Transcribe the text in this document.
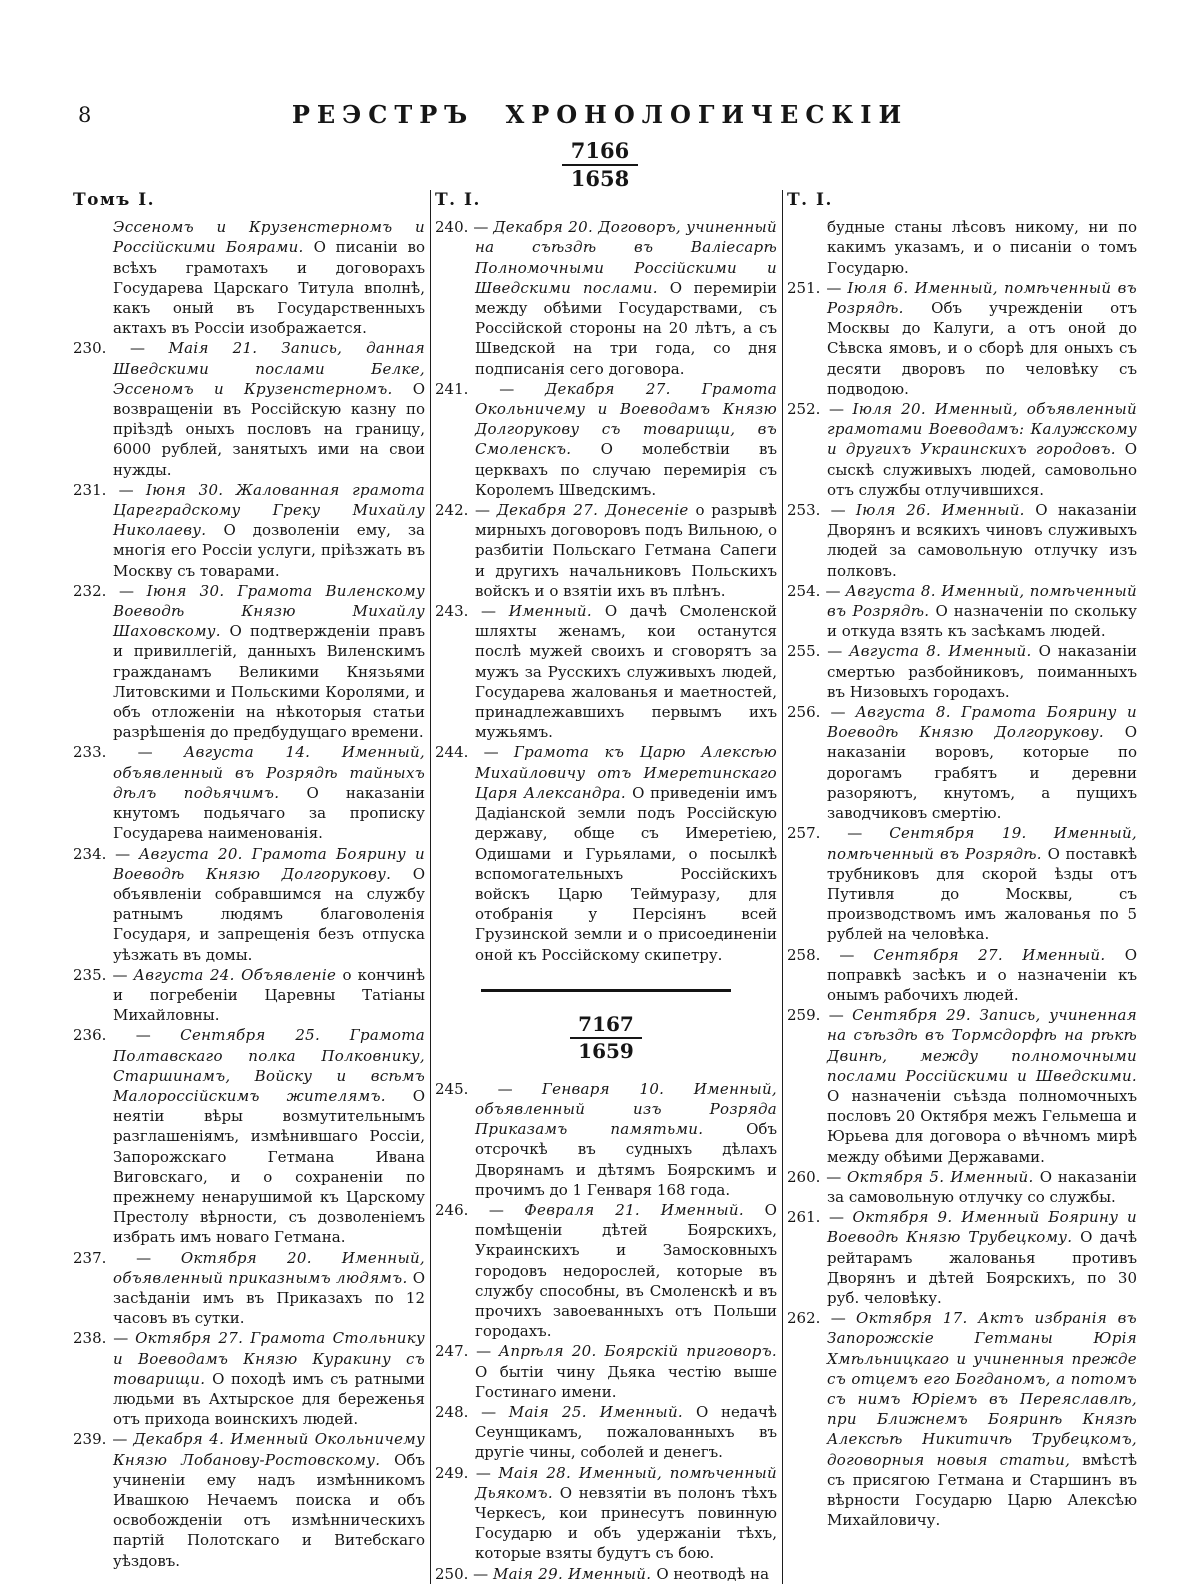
8	РЕЭСТРЪ ХРОНОЛОГИЧЕСКІИ
$\frac{7166}{1658}$

Томъ I.

Эссеномъ и Крузенстерномъ и Россійскими Боярами. О писаніи во всѣхъ грамотахъ и договорахъ Государева Царскаго Титула вполнѣ, какъ оный въ Государственныхъ актахъ въ Россіи изображается.

230. — Маія 21. Запись, данная Шведскими послами Белке, Эссеномъ и Крузенстерномъ. О возвращеніи въ Россійскую казну по пріѣздѣ оныхъ пословъ на границу, 6000 рублей, занятыхъ ими на свои нужды.

231. — Іюня 30. Жалованная грамота Цареградскому Греку Михайлу Николаеву. О дозволеніи ему, за многія его Россіи услуги, пріѣзжать въ Москву съ товарами.

232. — Іюня 30. Грамота Виленскому Воеводѣ Князю Михайлу Шаховскому. О подтвержденіи правъ и привиллегій, данныхъ Виленскимъ гражданамъ Великими Князьями Литовскими и Польскими Королями, и объ отложеніи на нѣкоторыя статьи разрѣшенія до предбудущаго времени.

233. — Августа 14. Именный, объявленный въ Розрядѣ тайныхъ дѣлъ подьячимъ. О наказаніи кнутомъ подьячаго за прописку Государева наименованія.

234. — Августа 20. Грамота Боярину и Воеводѣ Князю Долгорукову. О объявленіи собравшимся на службу ратнымъ людямъ благоволенія Государя, и запрещенія безъ отпуска уѣзжать въ домы.

235. — Августа 24. Объявленіе о кончинѣ и погребеніи Царевны Татіаны Михайловны.

236. — Сентября 25. Грамота Полтавскаго полка Полковнику, Старшинамъ, Войску и всѣмъ Малороссійскимъ жителямъ. О неятіи вѣры возмутительнымъ разглашеніямъ, измѣнившаго Россіи, Запорожскаго Гетмана Ивана Виговскаго, и о сохраненіи по прежнему ненарушимой къ Царскому Престолу вѣрности, съ дозволеніемъ избрать имъ новаго Гетмана.

237. — Октября 20. Именный, объявленный приказнымъ людямъ. О засѣданіи имъ въ Приказахъ по 12 часовъ въ сутки.

238. — Октября 27. Грамота Стольнику и Воеводамъ Князю Куракину съ товарищи. О походѣ имъ съ ратными людьми въ Ахтырское для береженья отъ прихода воинскихъ людей.

239. — Декабря 4. Именный Окольничему Князю Лобанову-Ростовскому. Объ учиненіи ему надъ измѣнникомъ Ивашкою Нечаемъ поиска и объ освобожденіи отъ измѣнническихъ партій Полотскаго и Витебскаго уѣздовъ.

Т. І.

240. — Декабря 20. Договоръ, учиненный на съѣздѣ въ Валіесарѣ Полномочными Россійскими и Шведскими послами. О перемиріи между обѣими Государствами, съ Россійской стороны на 20 лѣтъ, а съ Шведской на три года, со дня подписанія сего договора.

241. — Декабря 27. Грамота Окольничему и Воеводамъ Князю Долгорукову съ товарищи, въ Смоленскъ. О молебствіи въ церквахъ по случаю перемирія съ Королемъ Шведскимъ.

242. — Декабря 27. Донесеніе о разрывѣ мирныхъ договоровъ подъ Вильною, о разбитіи Польскаго Гетмана Сапеги и другихъ начальниковъ Польскихъ войскъ и о взятіи ихъ въ плѣнъ.

243. — Именный. О дачѣ Смоленской шляхты женамъ, кои останутся послѣ мужей своихъ и сговорятъ за мужъ за Русскихъ служивыхъ людей, Государева жалованья и маетностей, принадлежавшихъ первымъ ихъ мужьямъ.

244. — Грамота къ Царю Алексѣю Михайловичу отъ Имеретинскаго Царя Александра. О приведеніи имъ Дадіанской земли подъ Россійскую державу, обще съ Имеретіею, Одишами и Гурьялами, о посылкѣ вспомогательныхъ Россійскихъ войскъ Царю Теймуразу, для отобранія у Персіянъ всей Грузинской земли и о присоединеніи оной къ Россійскому скипетру.

7167
1659

245. — Генваря 10. Именный, объявленный изъ Розряда Приказамъ памятьми. Объ отсрочкѣ въ судныхъ дѣлахъ Дворянамъ и дѣтямъ Боярскимъ и прочимъ до 1 Генваря 168 года.

246. — Февраля 21. Именный. О помѣщеніи дѣтей Боярскихъ, Украинскихъ и Замосковныхъ городовъ недорослей, которые въ службу способны, въ Смоленскѣ и въ прочихъ завоеванныхъ отъ Польши городахъ.

247. — Апрѣля 20. Боярскій приговоръ. О бытіи чину Дьяка честію выше Гостинаго имени.

248. — Маія 25. Именный. О недачѣ Сеунщикамъ, пожалованныхъ въ другіе чины, соболей и денегъ.

249. — Маія 28. Именный, помѣченный Дьякомъ. О невзятіи въ полонъ тѣхъ Черкесъ, кои принесутъ повинную Государю и объ удержаніи тѣхъ, которые взяты будутъ съ бою.

250. — Маія 29. Именный. О неотводѣ на

Т. І.

будные станы лѣсовъ никому, ни по какимъ указамъ, и о писаніи о томъ Государю.

251. — Іюля 6. Именный, помѣченный въ Розрядѣ. Объ учрежденіи отъ Москвы до Калуги, а отъ оной до Сѣвска ямовъ, и о сборѣ для оныхъ съ десяти дворовъ по человѣку съ подводою.

252. — Іюля 20. Именный, объявленный грамотами Воеводамъ: Калужскому и другихъ Украинскихъ городовъ. О сыскѣ служивыхъ людей, самовольно отъ службы отлучившихся.

253. — Іюля 26. Именный. О наказаніи Дворянъ и всякихъ чиновъ служивыхъ людей за самовольную отлучку изъ полковъ.

254. — Августа 8. Именный, помѣченный въ Розрядѣ. О назначеніи по скольку и откуда взять къ засѣкамъ людей.

255. — Августа 8. Именный. О наказаніи смертью разбойниковъ, поиманныхъ въ Низовыхъ городахъ.

256. — Августа 8. Грамота Боярину и Воеводѣ Князю Долгорукову. О наказаніи воровъ, которые по дорогамъ грабятъ и деревни разоряютъ, кнутомъ, а пущихъ заводчиковъ смертію.

257. — Сентября 19. Именный, помѣченный въ Розрядѣ. О поставкѣ трубниковъ для скорой ѣзды отъ Путивля до Москвы, съ производствомъ имъ жалованья по 5 рублей на человѣка.

258. — Сентября 27. Именный. О поправкѣ засѣкъ и о назначеніи къ онымъ рабочихъ людей.

259. — Сентября 29. Запись, учиненная на съѣздѣ въ Тормсдорфѣ на рѣкѣ Двинѣ, между полномочными послами Россійскими и Шведскими. О назначеніи съѣзда полномочныхъ пословъ 20 Октября межъ Гельмеша и Юрьева для договора о вѣчномъ мирѣ между обѣими Державами.

260. — Октября 5. Именный. О наказаніи за самовольную отлучку со службы.

261. — Октября 9. Именный Боярину и Воеводѣ Князю Трубецкому. О дачѣ рейтарамъ жалованья противъ Дворянъ и дѣтей Боярскихъ, по 30 руб. человѣку.

262. — Октября 17. Актъ избранія въ Запорожскіе Гетманы Юрія Хмѣльницкаго и учиненныя прежде съ отцемъ его Богданомъ, а потомъ съ нимъ Юріемъ въ Переяславлѣ, при Ближнемъ Бояринѣ Князѣ Алексѣѣ Никитичѣ Трубецкомъ, договорныя новыя статьи, вмѣстѣ съ присягою Гетмана и Старшинъ въ вѣрности Государю Царю Алексѣю Михайловичу.
